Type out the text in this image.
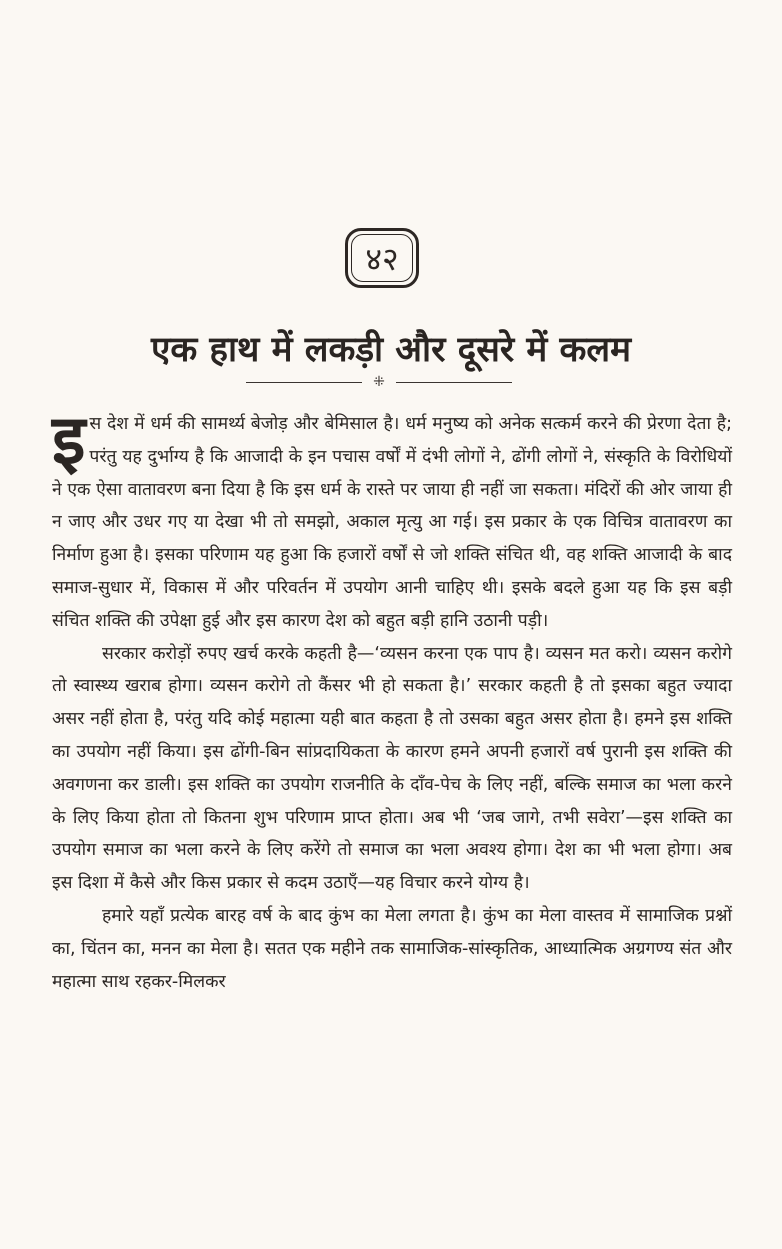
४२
एक हाथ में लकड़ी और दूसरे में कलम
⁜

इस देश में धर्म की सामर्थ्य बेजोड़ और बेमिसाल है। धर्म मनुष्य को अनेक सत्कर्म करने की प्रेरणा देता है; परंतु यह दुर्भाग्य है कि आजादी के इन पचास वर्षों में दंभी लोगों ने, ढोंगी लोगों ने, संस्कृति के विरोधियों ने एक ऐसा वातावरण बना दिया है कि इस धर्म के रास्ते पर जाया ही नहीं जा सकता। मंदिरों की ओर जाया ही न जाए और उधर गए या देखा भी तो समझो, अकाल मृत्यु आ गई। इस प्रकार के एक विचित्र वातावरण का निर्माण हुआ है। इसका परिणाम यह हुआ कि हजारों वर्षों से जो शक्ति संचित थी, वह शक्ति आजादी के बाद समाज-सुधार में, विकास में और परिवर्तन में उपयोग आनी चाहिए थी। इसके बदले हुआ यह कि इस बड़ी संचित शक्ति की उपेक्षा हुई और इस कारण देश को बहुत बड़ी हानि उठानी पड़ी।

सरकार करोड़ों रुपए खर्च करके कहती है—‘व्यसन करना एक पाप है। व्यसन मत करो। व्यसन करोगे तो स्वास्थ्य खराब होगा। व्यसन करोगे तो कैंसर भी हो सकता है।’ सरकार कहती है तो इसका बहुत ज्यादा असर नहीं होता है, परंतु यदि कोई महात्मा यही बात कहता है तो उसका बहुत असर होता है। हमने इस शक्ति का उपयोग नहीं किया। इस ढोंगी-बिन सांप्रदायिकता के कारण हमने अपनी हजारों वर्ष पुरानी इस शक्ति की अवगणना कर डाली। इस शक्ति का उपयोग राजनीति के दाँव-पेच के लिए नहीं, बल्कि समाज का भला करने के लिए किया होता तो कितना शुभ परिणाम प्राप्त होता। अब भी ‘जब जागे, तभी सवेरा’—इस शक्ति का उपयोग समाज का भला करने के लिए करेंगे तो समाज का भला अवश्य होगा। देश का भी भला होगा। अब इस दिशा में कैसे और किस प्रकार से कदम उठाएँ—यह विचार करने योग्य है।

हमारे यहाँ प्रत्येक बारह वर्ष के बाद कुंभ का मेला लगता है। कुंभ का मेला वास्तव में सामाजिक प्रश्नों का, चिंतन का, मनन का मेला है। सतत एक महीने तक सामाजिक-सांस्कृतिक, आध्यात्मिक अग्रगण्य संत और महात्मा साथ रहकर-मिलकर
